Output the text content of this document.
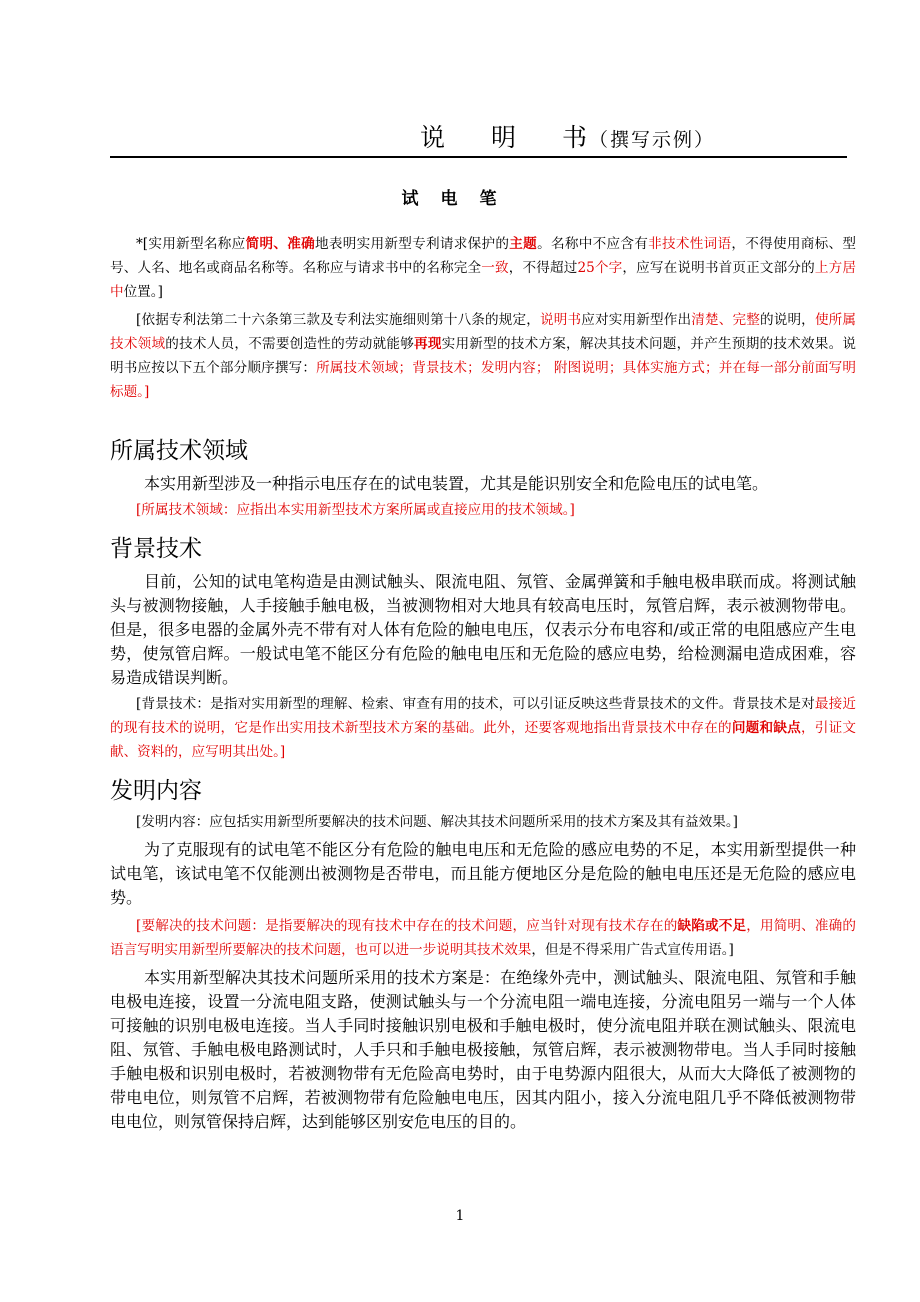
说 明 书（撰写示例）
试电笔

*[实用新型名称应简明、准确地表明实用新型专利请求保护的主题。名称中不应含有非技术性词语，不得使用商标、型号、人名、地名或商品名称等。名称应与请求书中的名称完全一致，不得超过25个字，应写在说明书首页正文部分的上方居中位置。]

[依据专利法第二十六条第三款及专利法实施细则第十八条的规定，说明书应对实用新型作出清楚、完整的说明，使所属技术领域的技术人员，不需要创造性的劳动就能够再现实用新型的技术方案，解决其技术问题，并产生预期的技术效果。说明书应按以下五个部分顺序撰写：所属技术领域；背景技术；发明内容； 附图说明；具体实施方式；并在每一部分前面写明标题。]

所属技术领域

本实用新型涉及一种指示电压存在的试电装置，尤其是能识别安全和危险电压的试电笔。

[所属技术领域：应指出本实用新型技术方案所属或直接应用的技术领域。]

背景技术

目前，公知的试电笔构造是由测试触头、限流电阻、氖管、金属弹簧和手触电极串联而成。将测试触头与被测物接触，人手接触手触电极，当被测物相对大地具有较高电压时，氖管启辉，表示被测物带电。但是，很多电器的金属外壳不带有对人体有危险的触电电压，仅表示分布电容和/或正常的电阻感应产生电势，使氖管启辉。一般试电笔不能区分有危险的触电电压和无危险的感应电势，给检测漏电造成困难，容易造成错误判断。

[背景技术：是指对实用新型的理解、检索、审查有用的技术，可以引证反映这些背景技术的文件。背景技术是对最接近的现有技术的说明，它是作出实用技术新型技术方案的基础。此外，还要客观地指出背景技术中存在的问题和缺点，引证文献、资料的，应写明其出处。]

发明内容

[发明内容：应包括实用新型所要解决的技术问题、解决其技术问题所采用的技术方案及其有益效果。]

为了克服现有的试电笔不能区分有危险的触电电压和无危险的感应电势的不足，本实用新型提供一种试电笔，该试电笔不仅能测出被测物是否带电，而且能方便地区分是危险的触电电压还是无危险的感应电势。

[要解决的技术问题：是指要解决的现有技术中存在的技术问题，应当针对现有技术存在的缺陷或不足，用简明、准确的语言写明实用新型所要解决的技术问题，也可以进一步说明其技术效果，但是不得采用广告式宣传用语。]

本实用新型解决其技术问题所采用的技术方案是：在绝缘外壳中，测试触头、限流电阻、氖管和手触电极电连接，设置一分流电阻支路，使测试触头与一个分流电阻一端电连接，分流电阻另一端与一个人体可接触的识别电极电连接。当人手同时接触识别电极和手触电极时，使分流电阻并联在测试触头、限流电阻、氖管、手触电极电路测试时，人手只和手触电极接触，氖管启辉，表示被测物带电。当人手同时接触手触电极和识别电极时，若被测物带有无危险高电势时，由于电势源内阻很大，从而大大降低了被测物的带电电位，则氖管不启辉，若被测物带有危险触电电压，因其内阻小，接入分流电阻几乎不降低被测物带电电位，则氖管保持启辉，达到能够区别安危电压的目的。

1
